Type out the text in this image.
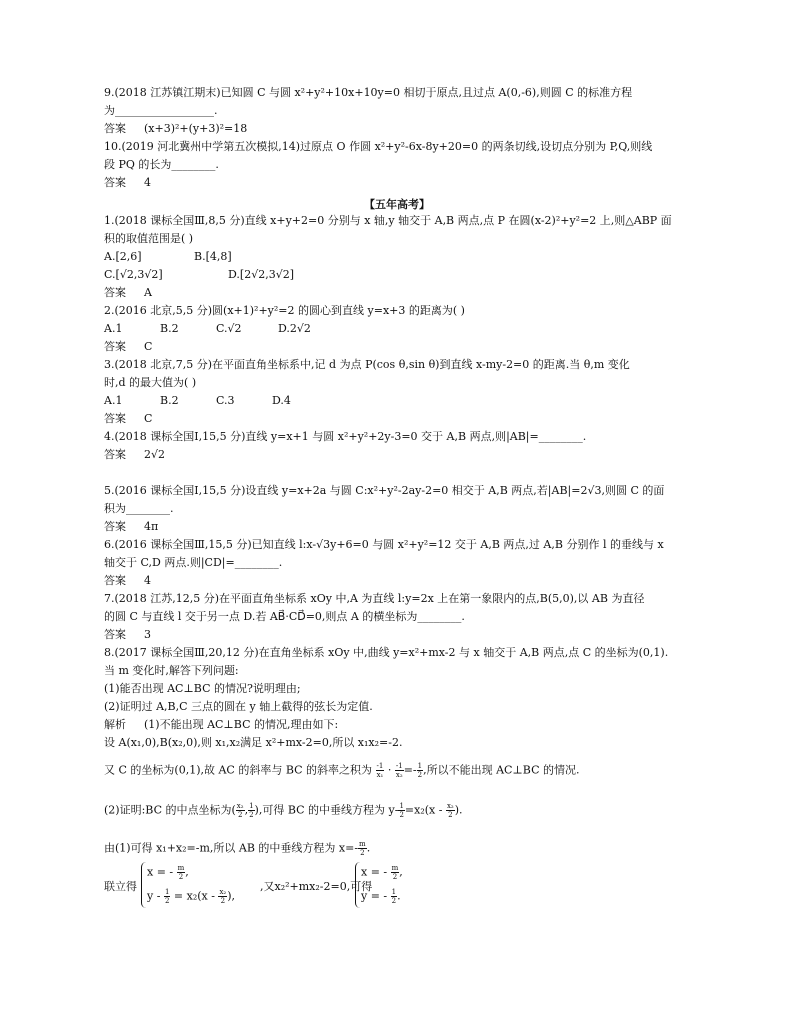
9.(2018 江苏镇江期末)已知圆 C 与圆 x²+y²+10x+10y=0 相切于原点,且过点 A(0,-6),则圆 C 的标准方程
为__________________.
答案 (x+3)²+(y+3)²=18
10.(2019 河北冀州中学第五次模拟,14)过原点 O 作圆 x²+y²-6x-8y+20=0 的两条切线,设切点分别为 P,Q,则线
段 PQ 的长为________.
答案 4
【五年高考】
1.(2018 课标全国Ⅲ,8,5 分)直线 x+y+2=0 分别与 x 轴,y 轴交于 A,B 两点,点 P 在圆(x-2)²+y²=2 上,则△ABP 面
积的取值范围是( )
A.[2,6]	B.[4,8]
C.[√2,3√2]	D.[2√2,3√2]
答案 A
2.(2016 北京,5,5 分)圆(x+1)²+y²=2 的圆心到直线 y=x+3 的距离为( )
A.1	B.2	C.√2	D.2√2
答案 C
3.(2018 北京,7,5 分)在平面直角坐标系中,记 d 为点 P(cos θ,sin θ)到直线 x-my-2=0 的距离.当 θ,m 变化
时,d 的最大值为( )
A.1	B.2	C.3	D.4
答案 C
4.(2018 课标全国Ⅰ,15,5 分)直线 y=x+1 与圆 x²+y²+2y-3=0 交于 A,B 两点,则|AB|=________.
答案 2√2
5.(2016 课标全国Ⅰ,15,5 分)设直线 y=x+2a 与圆 C:x²+y²-2ay-2=0 相交于 A,B 两点,若|AB|=2√3,则圆 C 的面
积为________.
答案 4π
6.(2016 课标全国Ⅲ,15,5 分)已知直线 l:x-√3y+6=0 与圆 x²+y²=12 交于 A,B 两点,过 A,B 分别作 l 的垂线与 x
轴交于 C,D 两点.则|CD|=________.
答案 4
7.(2018 江苏,12,5 分)在平面直角坐标系 xOy 中,A 为直线 l:y=2x 上在第一象限内的点,B(5,0),以 AB 为直径
的圆 C 与直线 l 交于另一点 D.若 AB⃗·CD⃗=0,则点 A 的横坐标为________.
答案 3
8.(2017 课标全国Ⅲ,20,12 分)在直角坐标系 xOy 中,曲线 y=x²+mx-2 与 x 轴交于 A,B 两点,点 C 的坐标为(0,1).
当 m 变化时,解答下列问题:
(1)能否出现 AC⊥BC 的情况?说明理由;
(2)证明过 A,B,C 三点的圆在 y 轴上截得的弦长为定值.
解析 (1)不能出现 AC⊥BC 的情况,理由如下:
设 A(x₁,0),B(x₂,0),则 x₁,x₂满足 x²+mx-2=0,所以 x₁x₂=-2.
又 C 的坐标为(0,1),故 AC 的斜率与 BC 的斜率之积为 $\frac{-1}{\text{x₁}} \cdot \frac{-1}{\text{x₂}} =- \frac{1}{2}$ ,所以不能出现 AC⊥BC 的情况.
(2)证明:BC 的中点坐标为( $\frac{\text{x₂}}{2}$ , $\frac{1}{2}$ ),可得 BC 的中垂线方程为 $y- \frac{1}{2} =x_2(x - \frac{\text{x₂}}{2}$ ).
由(1)可得 x₁+x₂=-m,所以 AB 的中垂线方程为 $x=- \frac{m}{2}$ .
联立得
x = - $\frac{m}{2}$ ,
$y - \frac{1}{2} = x_2(x - \frac{\text{x₂}}{2}$ ),
,又x₂²+mx₂-2=0,可得
x = - $\frac{m}{2}$ ,
y = - $\frac{1}{2}$ .
